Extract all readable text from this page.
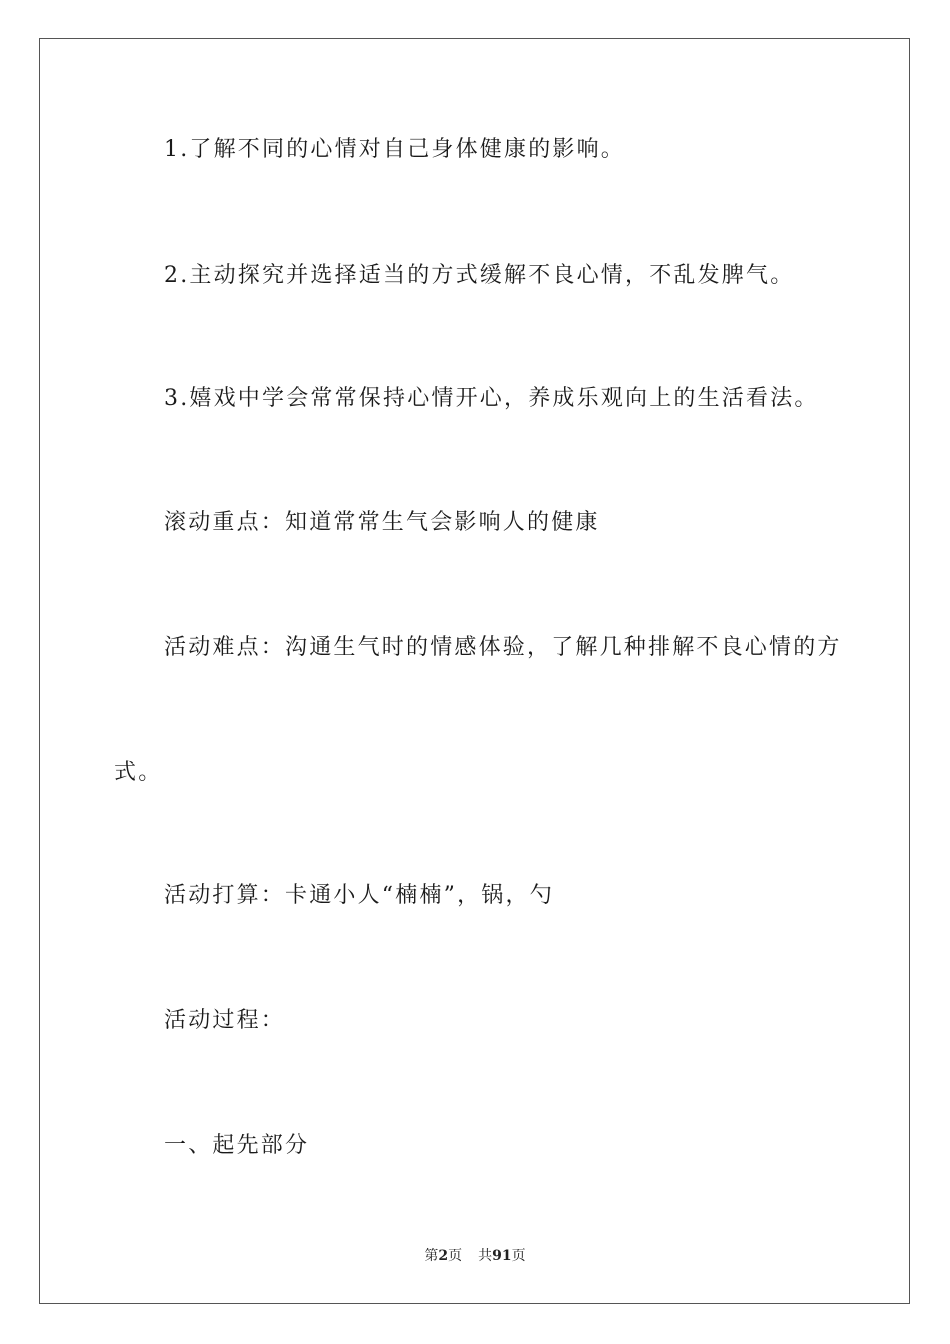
1.了解不同的心情对自己身体健康的影响。

2.主动探究并选择适当的方式缓解不良心情，不乱发脾气。

3.嬉戏中学会常常保持心情开心，养成乐观向上的生活看法。

滚动重点：知道常常生气会影响人的健康

活动难点：沟通生气时的情感体验，了解几种排解不良心情的方

式。

活动打算：卡通小人“楠楠”，锅，勺

活动过程：

一、起先部分

第2页 共91页
